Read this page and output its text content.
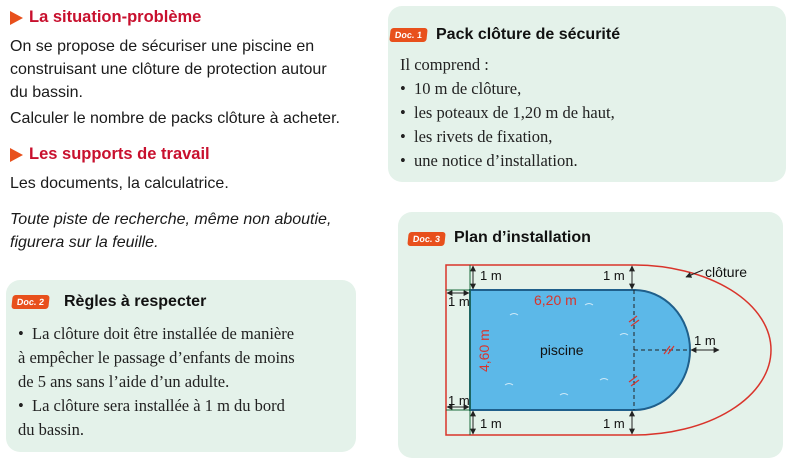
La situation-problème
On se propose de sécuriser une piscine en
construisant une clôture de protection autour
du bassin.
Calculer le nombre de packs clôture à acheter.
Les supports de travail
Les documents, la calculatrice.
Toute piste de recherche, même non aboutie,
figurera sur la feuille.
Doc. 2	Règles à respecter
• La clôture doit être installée de manière
à empêcher le passage d’enfants de moins
de 5 ans sans l’aide d’un adulte.
• La clôture sera installée à 1 m du bord
du bassin.
Doc. 1 Pack clôture de sécurité
Il comprend :
• 10 m de clôture,
• les poteaux de 1,20 m de haut,
• les rivets de fixation,
• une notice d’installation.
Doc. 3 Plan d’installation
clôture
6,20 m
4,60 m	piscine
1 m	1 m
1 m
1 m
1 m	1 m
1 m
